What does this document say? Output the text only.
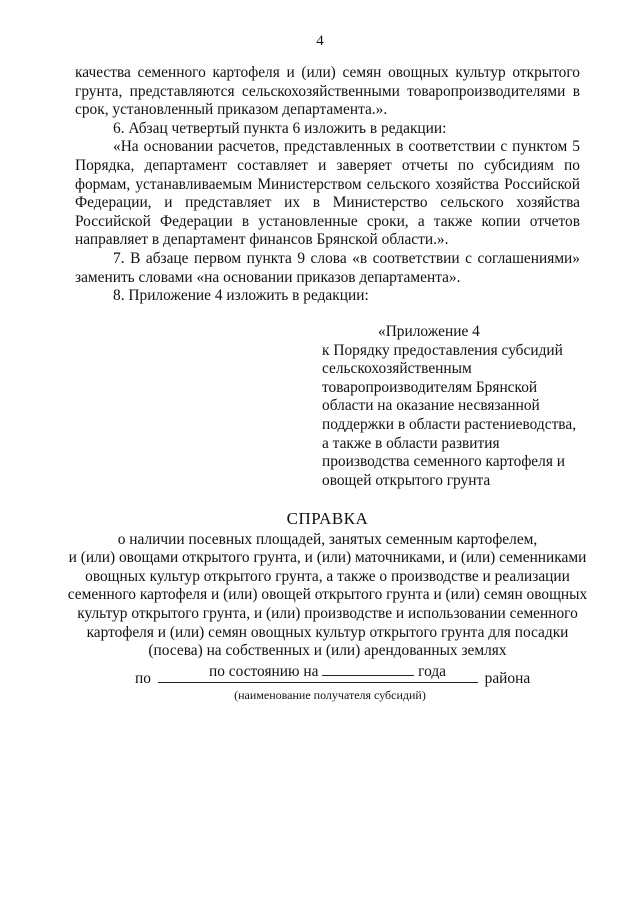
4

качества семенного картофеля и (или) семян овощных культур открытого грунта, представляются сельскохозяйственными товаропроизводителями в срок, установленный приказом департамента.».

6. Абзац четвертый пункта 6 изложить в редакции:

«На основании расчетов, представленных в соответствии с пунктом 5 Порядка, департамент составляет и заверяет отчеты по субсидиям по формам, устанавливаемым Министерством сельского хозяйства Российской Федерации, и представляет их в Министерство сельского хозяйства Российской Федерации в установленные сроки, а также копии отчетов направляет в департамент финансов Брянской области.».

7. В абзаце первом пункта 9 слова «в соответствии с соглашениями» заменить словами «на основании приказов департамента».

8. Приложение 4 изложить в редакции:

«Приложение 4

к Порядку предоставления субсидий сельскохозяйственным товаропроизводителям Брянской области на оказание несвязанной поддержки в области растениеводства, а также в области развития производства семенного картофеля и овощей открытого грунта

СПРАВКА

о наличии посевных площадей, занятых семенным картофелем,

и (или) овощами открытого грунта, и (или) маточниками, и (или) семенниками

овощных культур открытого грунта, а также о производстве и реализации

семенного картофеля и (или) овощей открытого грунта и (или) семян овощных

культур открытого грунта, и (или) производстве и использовании семенного

картофеля и (или) семян овощных культур открытого грунта для посадки

(посева) на собственных и (или) арендованных землях

по состоянию на	года

по	района
(наименование получателя субсидий)
